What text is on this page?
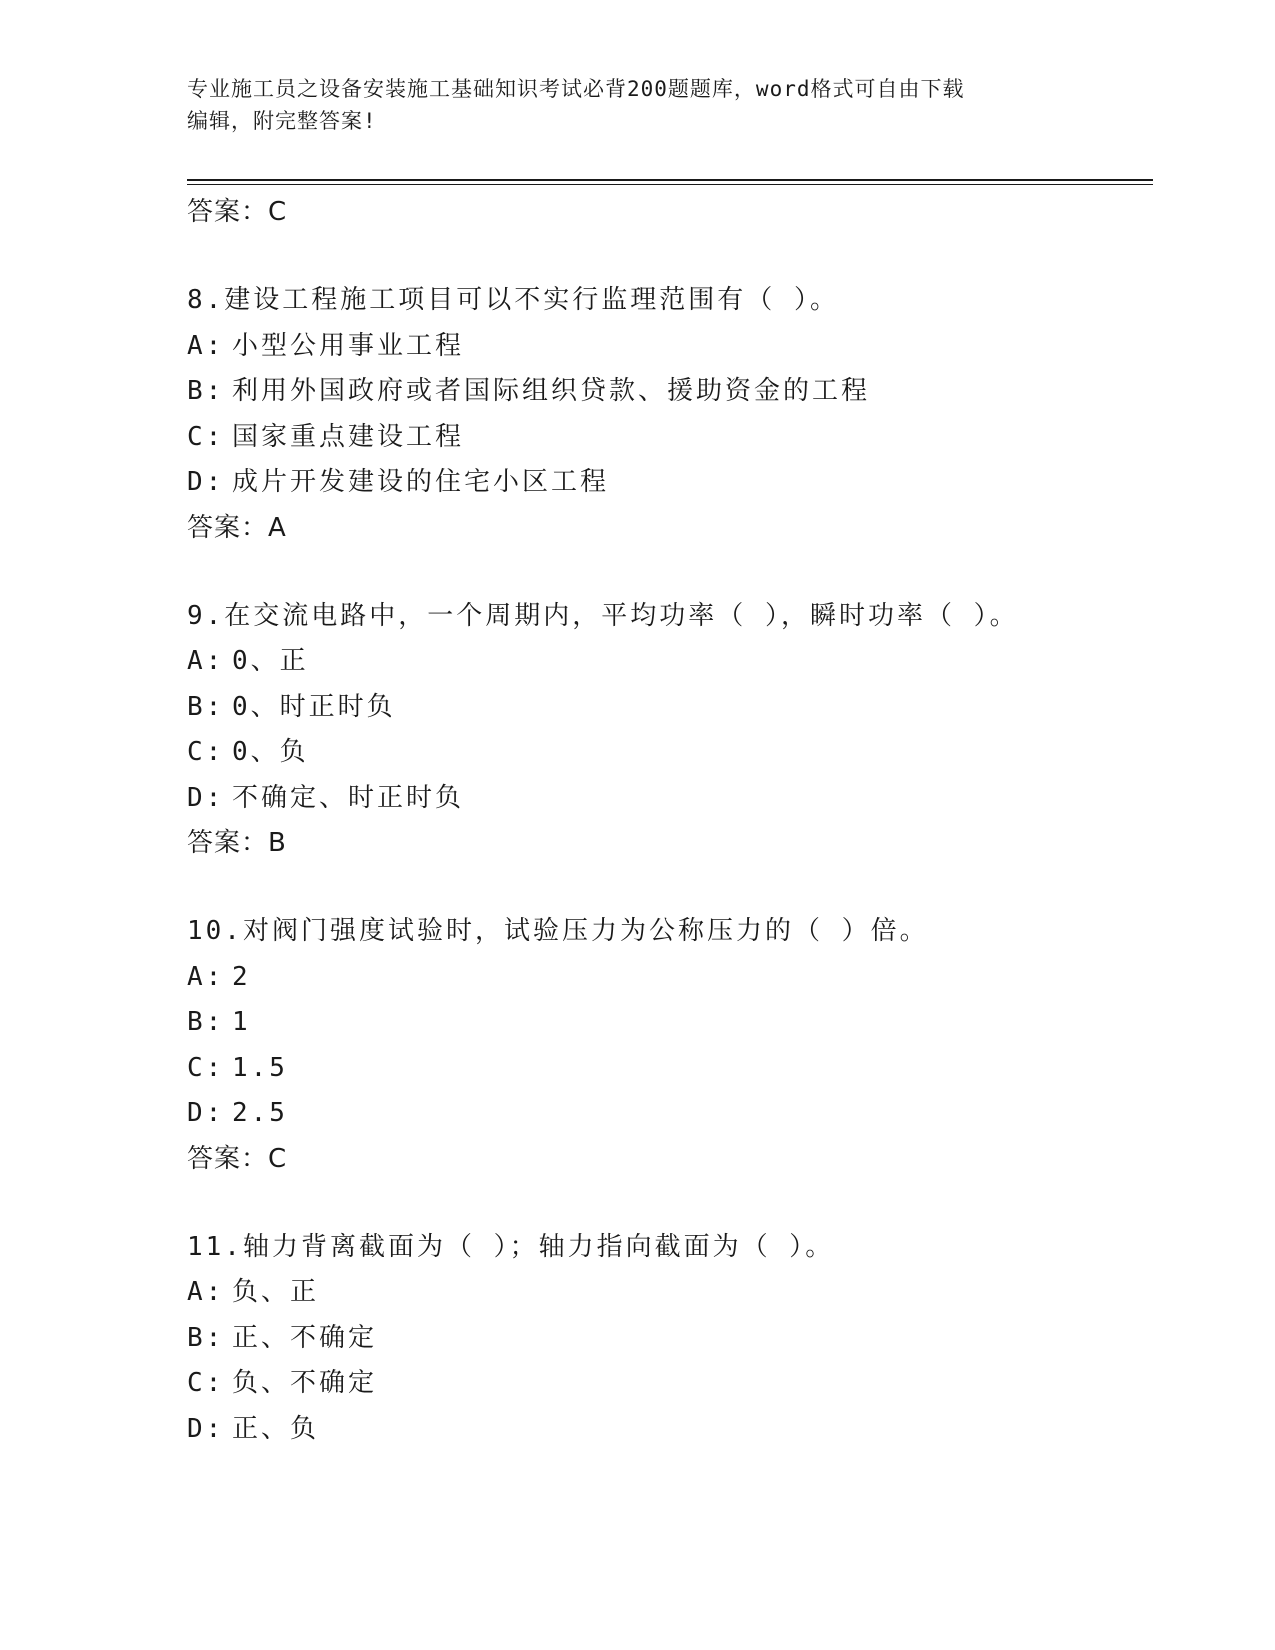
专业施工员之设备安装施工基础知识考试必背200题题库，word格式可自由下载
编辑，附完整答案!
答案：C
8.建设工程施工项目可以不实行监理范围有（ ）。
A: 小型公用事业工程
B: 利用外国政府或者国际组织贷款、援助资金的工程
C: 国家重点建设工程
D: 成片开发建设的住宅小区工程
答案：A
9.在交流电路中，一个周期内，平均功率（ ），瞬时功率（ ）。
A: 0、正
B: 0、时正时负
C: 0、负
D: 不确定、时正时负
答案：B
10.对阀门强度试验时，试验压力为公称压力的（ ）倍。
A: 2
B: 1
C: 1.5
D: 2.5
答案：C
11.轴力背离截面为（ ）；轴力指向截面为（ ）。
A: 负、正
B: 正、不确定
C: 负、不确定
D: 正、负
